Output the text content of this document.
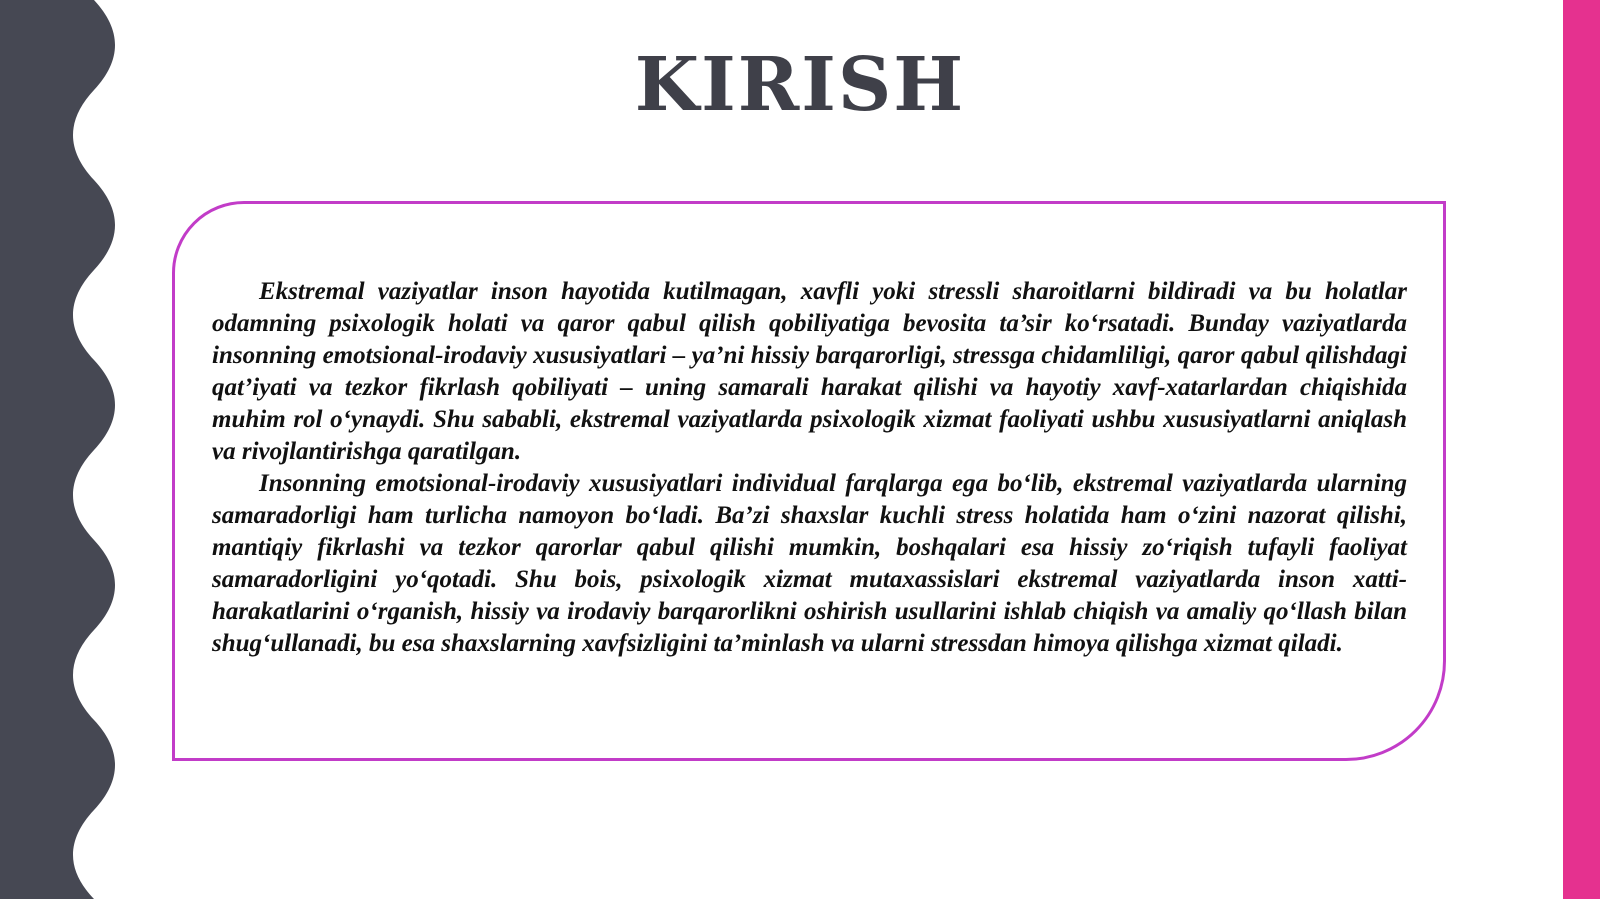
KIRISH

Ekstremal vaziyatlar inson hayotida kutilmagan, xavfli yoki stressli sharoitlarni bildiradi va bu holatlar odamning psixologik holati va qaror qabul qilish qobiliyatiga bevosita ta’sir ko‘rsatadi. Bunday vaziyatlarda insonning emotsional-irodaviy xususiyatlari – ya’ni hissiy barqarorligi, stressga chidamliligi, qaror qabul qilishdagi qat’iyati va tezkor fikrlash qobiliyati – uning samarali harakat qilishi va hayotiy xavf-xatarlardan chiqishida muhim rol o‘ynaydi. Shu sababli, ekstremal vaziyatlarda psixologik xizmat faoliyati ushbu xususiyatlarni aniqlash va rivojlantirishga qaratilgan.

Insonning emotsional-irodaviy xususiyatlari individual farqlarga ega bo‘lib, ekstremal vaziyatlarda ularning samaradorligi ham turlicha namoyon bo‘ladi. Ba’zi shaxslar kuchli stress holatida ham o‘zini nazorat qilishi, mantiqiy fikrlashi va tezkor qarorlar qabul qilishi mumkin, boshqalari esa hissiy zo‘riqish tufayli faoliyat samaradorligini yo‘qotadi. Shu bois, psixologik xizmat mutaxassislari ekstremal vaziyatlarda inson xatti-harakatlarini o‘rganish, hissiy va irodaviy barqarorlikni oshirish usullarini ishlab chiqish va amaliy qo‘llash bilan shug‘ullanadi, bu esa shaxslarning xavfsizligini ta’minlash va ularni stressdan himoya qilishga xizmat qiladi.
